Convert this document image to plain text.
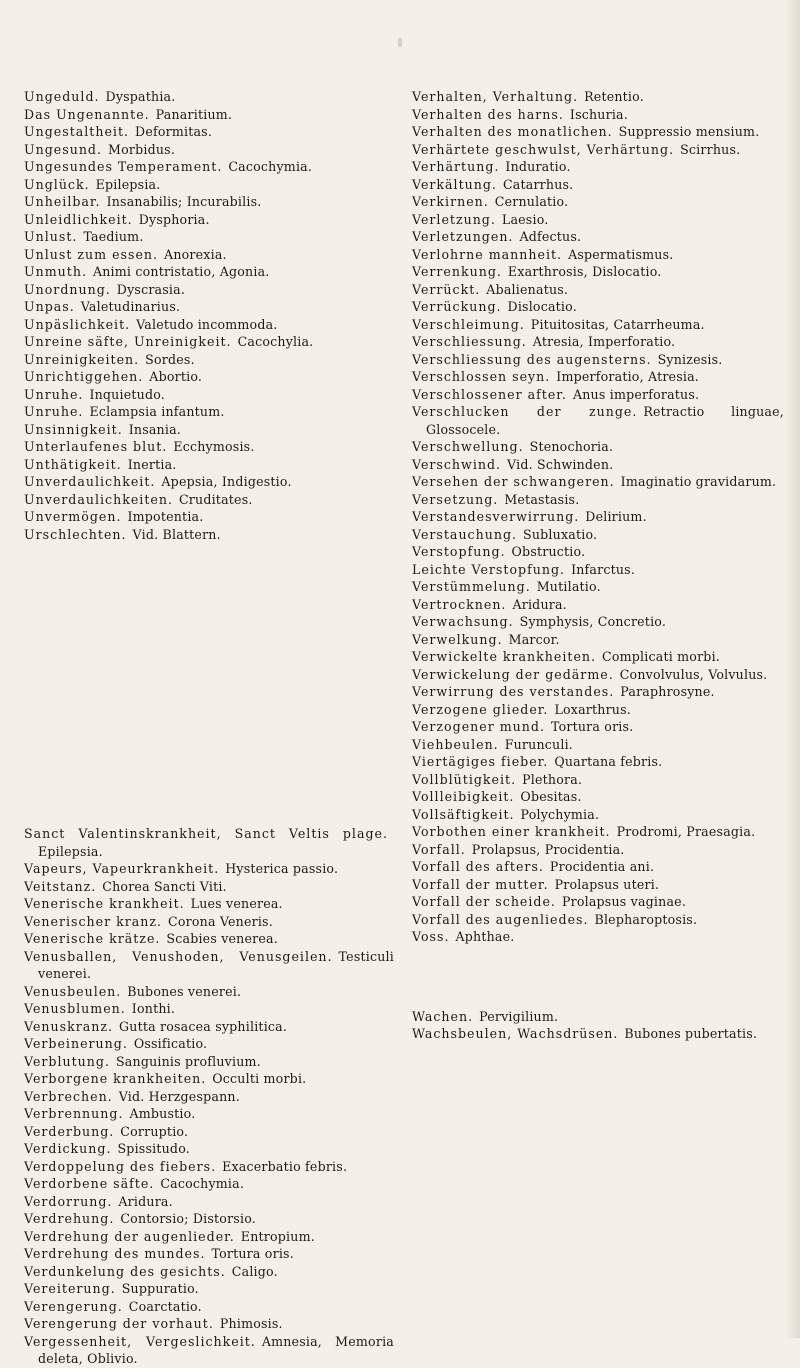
Ungeduld. Dyspathia.

Das Ungenannte. Panaritium.

Ungestaltheit. Deformitas.

Ungesund. Morbidus.

Ungesundes Temperament. Cacochymia.

Unglück. Epilepsia.

Unheilbar. Insanabilis; Incurabilis.

Unleidlichkeit. Dysphoria.

Unlust. Taedium.

Unlust zum essen. Anorexia.

Unmuth. Animi contristatio, Agonia.

Unordnung. Dyscrasia.

Unpas. Valetudinarius.

Unpäslichkeit. Valetudo incommoda.

Unreine säfte, Unreinigkeit. Cacochylia.

Unreinigkeiten. Sordes.

Unrichtiggehen. Abortio.

Unruhe. Inquietudo.

Unruhe. Eclampsia infantum.

Unsinnigkeit. Insania.

Unterlaufenes blut. Ecchymosis.

Unthätigkeit. Inertia.

Unverdaulichkeit. Apepsia, Indigestio.

Unverdaulichkeiten. Cruditates.

Unvermögen. Impotentia.

Urschlechten. Vid. Blattern.

Sanct Valentinskrankheit, Sanct Veltis plage.Epilepsia.

Vapeurs, Vapeurkrankheit. Hysterica passio.

Veitstanz. Chorea Sancti Viti.

Venerische krankheit. Lues venerea.

Venerischer kranz. Corona Veneris.

Venerische krätze. Scabies venerea.

Venusballen, Venushoden, Venusgeilen. Testiculi venerei.

Venusbeulen. Bubones venerei.

Venusblumen. Ionthi.

Venuskranz. Gutta rosacea syphilitica.

Verbeinerung. Ossificatio.

Verblutung. Sanguinis profluvium.

Verborgene krankheiten. Occulti morbi.

Verbrechen. Vid. Herzgespann.

Verbrennung. Ambustio.

Verderbung. Corruptio.

Verdickung. Spissitudo.

Verdoppelung des fiebers. Exacerbatio febris.

Verdorbene säfte. Cacochymia.

Verdorrung. Aridura.

Verdrehung. Contorsio; Distorsio.

Verdrehung der augenlieder. Entropium.

Verdrehung des mundes. Tortura oris.

Verdunkelung des gesichts. Caligo.

Vereiterung. Suppuratio.

Verengerung. Coarctatio.

Verengerung der vorhaut. Phimosis.

Vergessenheit, Vergeslichkeit. Amnesia, Memoria deleta, Oblivio.

Verhalten, Verhaltung. Retentio.

Verhalten des harns. Ischuria.

Verhalten des monatlichen. Suppressio mensium.

Verhärtete geschwulst, Verhärtung. Scirrhus.

Verhärtung. Induratio.

Verkältung. Catarrhus.

Verkirnen. Cernulatio.

Verletzung. Laesio.

Verletzungen. Adfectus.

Verlohrne mannheit. Aspermatismus.

Verrenkung. Exarthrosis, Dislocatio.

Verrückt. Abalienatus.

Verrückung. Dislocatio.

Verschleimung. Pituitositas, Catarrheuma.

Verschliessung. Atresia, Imperforatio.

Verschliessung des augensterns. Synizesis.

Verschlossen seyn. Imperforatio, Atresia.

Verschlossener after. Anus imperforatus.

Verschlucken der zunge. Retractio linguae, Glossocele.

Verschwellung. Stenochoria.

Verschwind. Vid. Schwinden.

Versehen der schwangeren. Imaginatio gravidarum.

Versetzung. Metastasis.

Verstandesverwirrung. Delirium.

Verstauchung. Subluxatio.

Verstopfung. Obstructio.

Leichte Verstopfung. Infarctus.

Verstümmelung. Mutilatio.

Vertrocknen. Aridura.

Verwachsung. Symphysis, Concretio.

Verwelkung. Marcor.

Verwickelte krankheiten. Complicati morbi.

Verwickelung der gedärme. Convolvulus, Volvulus.

Verwirrung des verstandes. Paraphrosyne.

Verzogene glieder. Loxarthrus.

Verzogener mund. Tortura oris.

Viehbeulen. Furunculi.

Viertägiges fieber. Quartana febris.

Vollblütigkeit. Plethora.

Vollleibigkeit. Obesitas.

Vollsäftigkeit. Polychymia.

Vorbothen einer krankheit. Prodromi, Praesagia.

Vorfall. Prolapsus, Procidentia.

Vorfall des afters. Procidentia ani.

Vorfall der mutter. Prolapsus uteri.

Vorfall der scheide. Prolapsus vaginae.

Vorfall des augenliedes. Blepharoptosis.

Voss. Aphthae.

Wachen. Pervigilium.

Wachsbeulen, Wachsdrüsen. Bubones pubertatis.
